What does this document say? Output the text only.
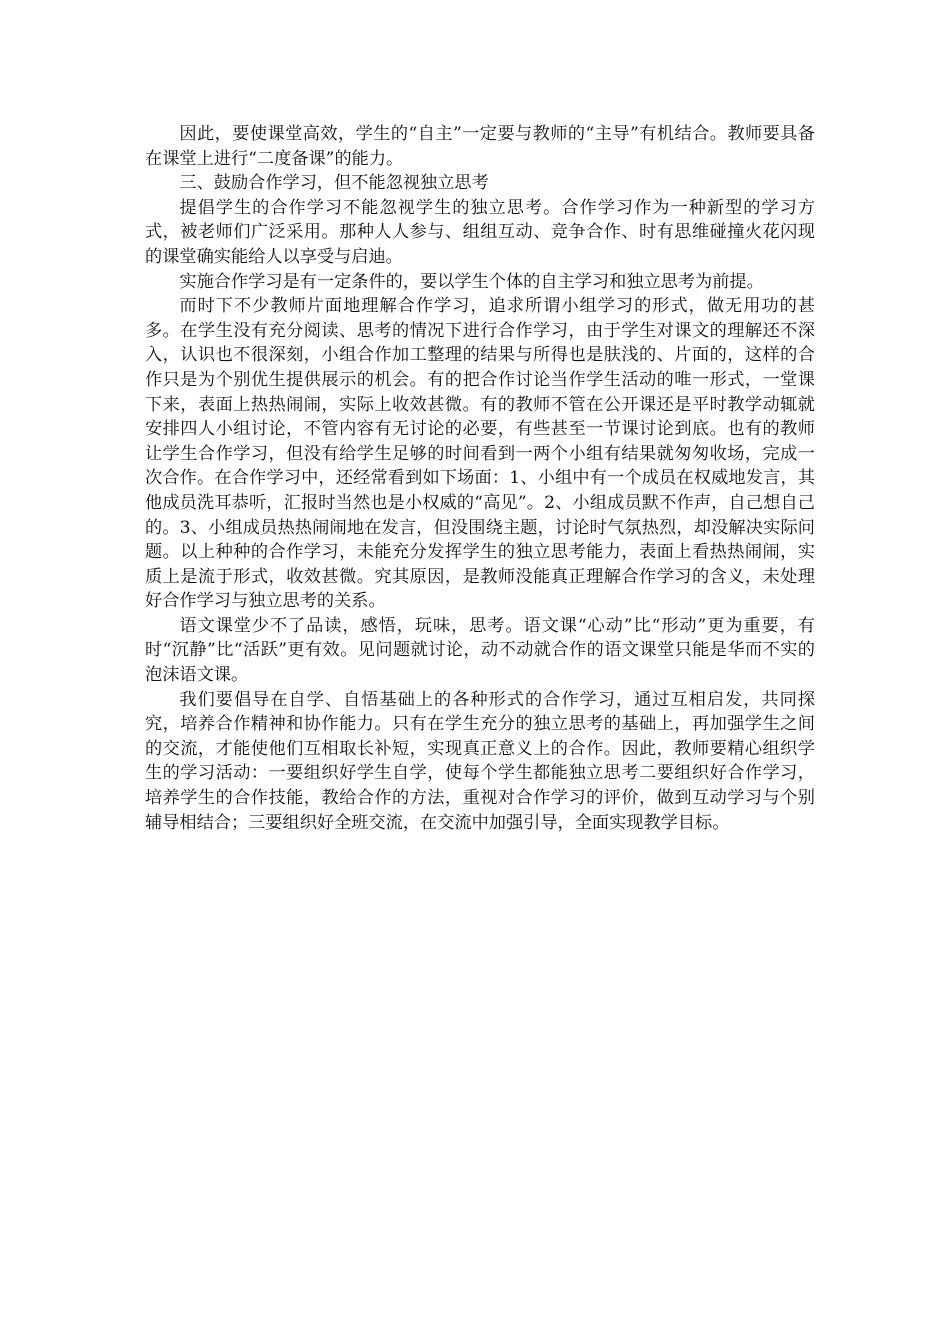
因此，要使课堂高效，学生的“自主”一定要与教师的“主导”有机结合。教师要具备在课堂上进行“二度备课”的能力。

三、鼓励合作学习，但不能忽视独立思考

提倡学生的合作学习不能忽视学生的独立思考。合作学习作为一种新型的学习方式，被老师们广泛采用。那种人人参与、组组互动、竞争合作、时有思维碰撞火花闪现的课堂确实能给人以享受与启迪。

实施合作学习是有一定条件的，要以学生个体的自主学习和独立思考为前提。

而时下不少教师片面地理解合作学习，追求所谓小组学习的形式，做无用功的甚多。在学生没有充分阅读、思考的情况下进行合作学习，由于学生对课文的理解还不深入，认识也不很深刻，小组合作加工整理的结果与所得也是肤浅的、片面的，这样的合作只是为个别优生提供展示的机会。有的把合作讨论当作学生活动的唯一形式，一堂课下来，表面上热热闹闹，实际上收效甚微。有的教师不管在公开课还是平时教学动辄就安排四人小组讨论，不管内容有无讨论的必要，有些甚至一节课讨论到底。也有的教师让学生合作学习，但没有给学生足够的时间看到一两个小组有结果就匆匆收场，完成一次合作。在合作学习中，还经常看到如下场面：1、小组中有一个成员在权威地发言，其他成员洗耳恭听，汇报时当然也是小权威的“高见”。2、小组成员默不作声，自己想自己的。3、小组成员热热闹闹地在发言，但没围绕主题，讨论时气氛热烈，却没解决实际问题。以上种种的合作学习，未能充分发挥学生的独立思考能力，表面上看热热闹闹，实质上是流于形式，收效甚微。究其原因，是教师没能真正理解合作学习的含义，未处理好合作学习与独立思考的关系。

语文课堂少不了品读，感悟，玩味，思考。语文课“心动”比“形动”更为重要，有时“沉静”比“活跃”更有效。见问题就讨论，动不动就合作的语文课堂只能是华而不实的泡沫语文课。

我们要倡导在自学、自悟基础上的各种形式的合作学习，通过互相启发，共同探究，培养合作精神和协作能力。只有在学生充分的独立思考的基础上，再加强学生之间的交流，才能使他们互相取长补短，实现真正意义上的合作。因此，教师要精心组织学生的学习活动：一要组织好学生自学，使每个学生都能独立思考二要组织好合作学习，培养学生的合作技能，教给合作的方法，重视对合作学习的评价，做到互动学习与个别辅导相结合；三要组织好全班交流，在交流中加强引导，全面实现教学目标。
